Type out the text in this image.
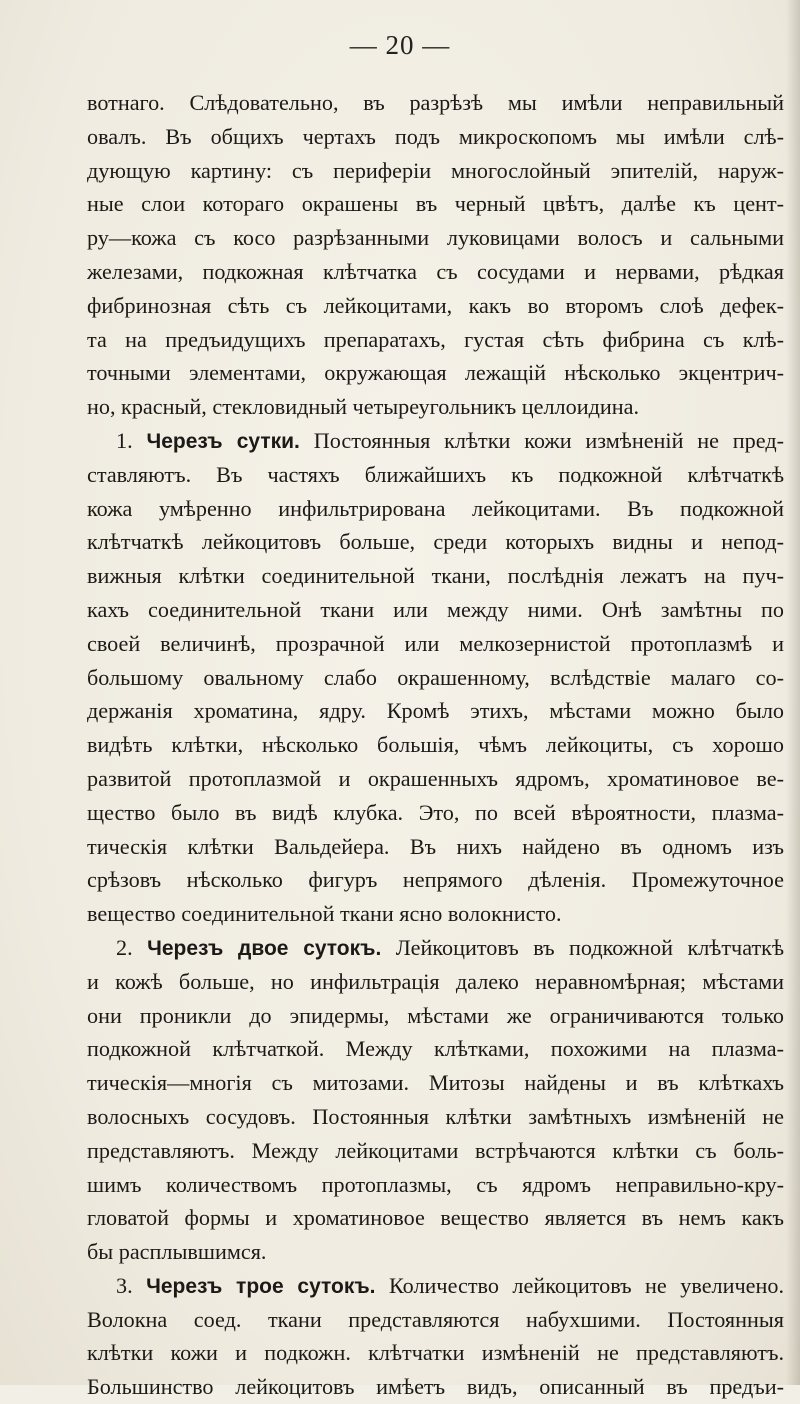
— 20 —
вотнаго. Слѣдовательно, въ разрѣзѣ мы имѣли неправильный
овалъ. Въ общихъ чертахъ подъ микроскопомъ мы имѣли слѣ-
дующую картину: съ периферіи многослойный эпителій, наруж-
ные слои котораго окрашены въ черный цвѣтъ, далѣе къ цент-
ру—кожа съ косо разрѣзанными луковицами волосъ и сальными
железами, подкожная клѣтчатка съ сосудами и нервами, рѣдкая
фибринозная сѣть съ лейкоцитами, какъ во второмъ слоѣ дефек-
та на предъидущихъ препаратахъ, густая сѣть фибрина съ клѣ-
точными элементами, окружающая лежащій нѣсколько экцентрич-
но, красный, стекловидный четыреугольникъ целлоидина.
1. Черезъ сутки. Постоянныя клѣтки кожи измѣненій не пред-
ставляютъ. Въ частяхъ ближайшихъ къ подкожной клѣтчаткѣ
кожа умѣренно инфильтрирована лейкоцитами. Въ подкожной
клѣтчаткѣ лейкоцитовъ больше, среди которыхъ видны и непод-
вижныя клѣтки соединительной ткани, послѣднія лежатъ на пуч-
кахъ соединительной ткани или между ними. Онѣ замѣтны по
своей величинѣ, прозрачной или мелкозернистой протоплазмѣ и
большому овальному слабо окрашенному, вслѣдствіе малаго со-
держанія хроматина, ядру. Кромѣ этихъ, мѣстами можно было
видѣть клѣтки, нѣсколько большія, чѣмъ лейкоциты, съ хорошо
развитой протоплазмой и окрашенныхъ ядромъ, хроматиновое ве-
щество было въ видѣ клубка. Это, по всей вѣроятности, плазма-
тическія клѣтки Вальдейера. Въ нихъ найдено въ одномъ изъ
срѣзовъ нѣсколько фигуръ непрямого дѣленія. Промежуточное
вещество соединительной ткани ясно волокнисто.
2. Черезъ двое сутокъ. Лейкоцитовъ въ подкожной клѣтчаткѣ
и кожѣ больше, но инфильтрація далеко неравномѣрная; мѣстами
они проникли до эпидермы, мѣстами же ограничиваются только
подкожной клѣтчаткой. Между клѣтками, похожими на плазма-
тическія—многія съ митозами. Митозы найдены и въ клѣткахъ
волосныхъ сосудовъ. Постоянныя клѣтки замѣтныхъ измѣненій не
представляютъ. Между лейкоцитами встрѣчаются клѣтки съ боль-
шимъ количествомъ протоплазмы, съ ядромъ неправильно-кру-
гловатой формы и хроматиновое вещество является въ немъ какъ
бы расплывшимся.
3. Черезъ трое сутокъ. Количество лейкоцитовъ не увеличено.
Волокна соед. ткани представляются набухшими. Постоянныя
клѣтки кожи и подкожн. клѣтчатки измѣненій не представляютъ.
Большинство лейкоцитовъ имѣетъ видъ, описанный въ предъи-
